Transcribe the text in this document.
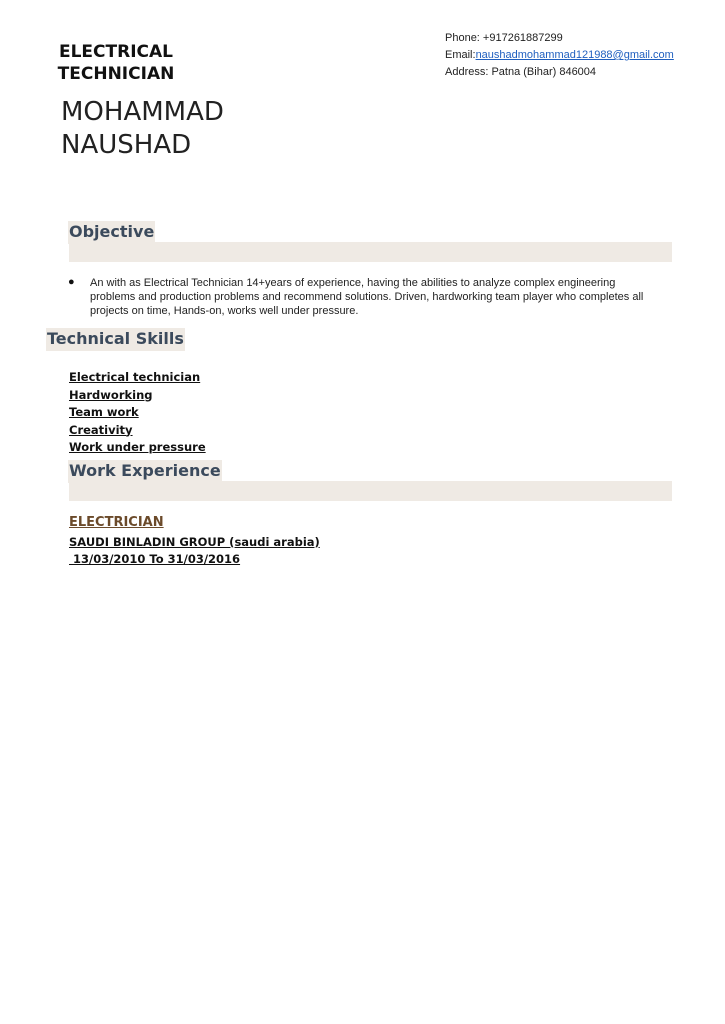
ELECTRICAL TECHNICIAN
MOHAMMAD
NAUSHAD
Phone: +917261887299
Email:naushadmohammad121988@gmail.com Address: Patna (Bihar) 846004
Objective
● An with as Electrical Technician 14+years of experience, having the abilities to analyze complex engineering problems and production problems and recommend solutions. Driven, hardworking team player who completes all projects on time, Hands-on, works well under pressure.
Technical Skills
Electrical technician
Hardworking
Team work
Creativity
Work under pressure
Work Experience
ELECTRICIAN
SAUDI BINLADIN GROUP (saudi arabia)
13/03/2010 To 31/03/2016
